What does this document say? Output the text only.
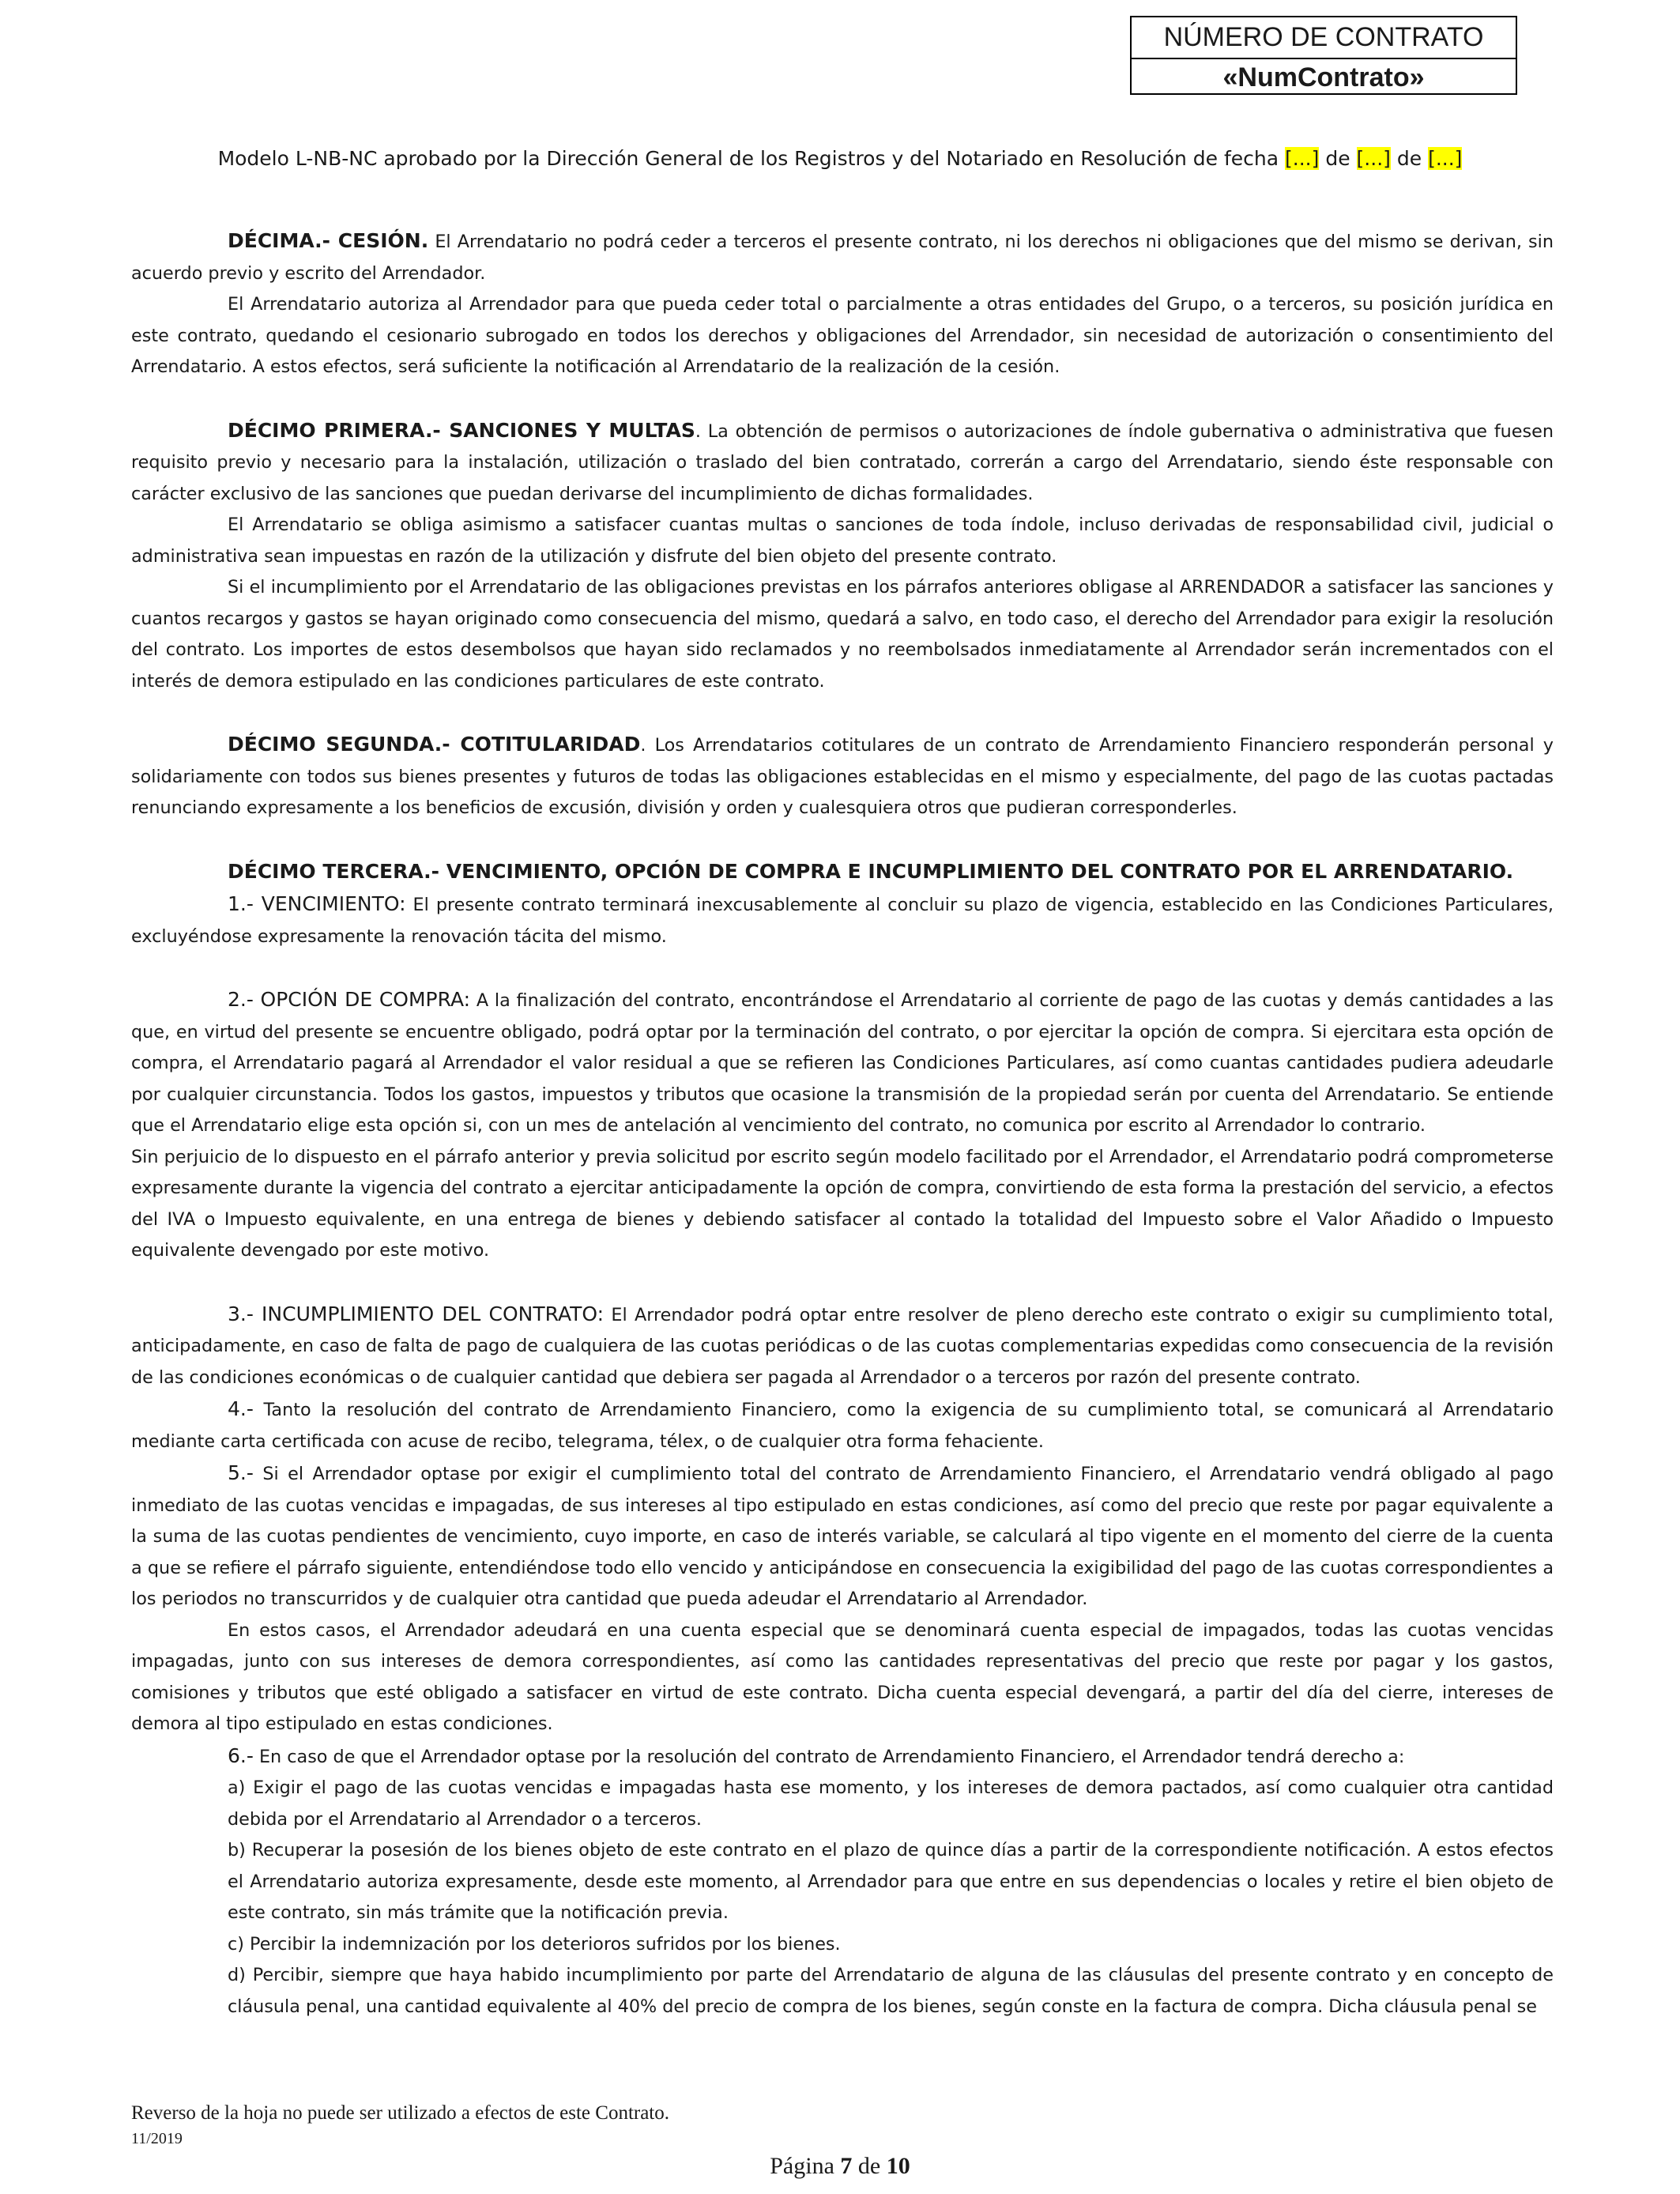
NÚMERO DE CONTRATO
«NumContrato»
Modelo L-NB-NC aprobado por la Dirección General de los Registros y del Notariado en Resolución de fecha [...] de [...] de [...]

DÉCIMA.- CESIÓN. El Arrendatario no podrá ceder a terceros el presente contrato, ni los derechos ni obligaciones que del mismo se derivan, sin acuerdo previo y escrito del Arrendador.

El Arrendatario autoriza al Arrendador para que pueda ceder total o parcialmente a otras entidades del Grupo, o a terceros, su posición jurídica en este contrato, quedando el cesionario subrogado en todos los derechos y obligaciones del Arrendador, sin necesidad de autorización o consentimiento del Arrendatario. A estos efectos, será suficiente la notificación al Arrendatario de la realización de la cesión.

DÉCIMO PRIMERA.- SANCIONES Y MULTAS. La obtención de permisos o autorizaciones de índole gubernativa o administrativa que fuesen requisito previo y necesario para la instalación, utilización o traslado del bien contratado, correrán a cargo del Arrendatario, siendo éste responsable con carácter exclusivo de las sanciones que puedan derivarse del incumplimiento de dichas formalidades.

El Arrendatario se obliga asimismo a satisfacer cuantas multas o sanciones de toda índole, incluso derivadas de responsabilidad civil, judicial o administrativa sean impuestas en razón de la utilización y disfrute del bien objeto del presente contrato.

Si el incumplimiento por el Arrendatario de las obligaciones previstas en los párrafos anteriores obligase al ARRENDADOR a satisfacer las sanciones y cuantos recargos y gastos se hayan originado como consecuencia del mismo, quedará a salvo, en todo caso, el derecho del Arrendador para exigir la resolución del contrato. Los importes de estos desembolsos que hayan sido reclamados y no reembolsados inmediatamente al Arrendador serán incrementados con el interés de demora estipulado en las condiciones particulares de este contrato.

DÉCIMO SEGUNDA.- COTITULARIDAD. Los Arrendatarios cotitulares de un contrato de Arrendamiento Financiero responderán personal y solidariamente con todos sus bienes presentes y futuros de todas las obligaciones establecidas en el mismo y especialmente, del pago de las cuotas pactadas renunciando expresamente a los beneficios de excusión, división y orden y cualesquiera otros que pudieran corresponderles.

DÉCIMO TERCERA.- VENCIMIENTO, OPCIÓN DE COMPRA E INCUMPLIMIENTO DEL CONTRATO POR EL ARRENDATARIO.

1.- VENCIMIENTO: El presente contrato terminará inexcusablemente al concluir su plazo de vigencia, establecido en las Condiciones Particulares, excluyéndose expresamente la renovación tácita del mismo.

2.- OPCIÓN DE COMPRA: A la finalización del contrato, encontrándose el Arrendatario al corriente de pago de las cuotas y demás cantidades a las que, en virtud del presente se encuentre obligado, podrá optar por la terminación del contrato, o por ejercitar la opción de compra. Si ejercitara esta opción de compra, el Arrendatario pagará al Arrendador el valor residual a que se refieren las Condiciones Particulares, así como cuantas cantidades pudiera adeudarle por cualquier circunstancia. Todos los gastos, impuestos y tributos que ocasione la transmisión de la propiedad serán por cuenta del Arrendatario. Se entiende que el Arrendatario elige esta opción si, con un mes de antelación al vencimiento del contrato, no comunica por escrito al Arrendador lo contrario.

Sin perjuicio de lo dispuesto en el párrafo anterior y previa solicitud por escrito según modelo facilitado por el Arrendador, el Arrendatario podrá comprometerse expresamente durante la vigencia del contrato a ejercitar anticipadamente la opción de compra, convirtiendo de esta forma la prestación del servicio, a efectos del IVA o Impuesto equivalente, en una entrega de bienes y debiendo satisfacer al contado la totalidad del Impuesto sobre el Valor Añadido o Impuesto equivalente devengado por este motivo.

3.- INCUMPLIMIENTO DEL CONTRATO: El Arrendador podrá optar entre resolver de pleno derecho este contrato o exigir su cumplimiento total, anticipadamente, en caso de falta de pago de cualquiera de las cuotas periódicas o de las cuotas complementarias expedidas como consecuencia de la revisión de las condiciones económicas o de cualquier cantidad que debiera ser pagada al Arrendador o a terceros por razón del presente contrato.

4.- Tanto la resolución del contrato de Arrendamiento Financiero, como la exigencia de su cumplimiento total, se comunicará al Arrendatario mediante carta certificada con acuse de recibo, telegrama, télex, o de cualquier otra forma fehaciente.

5.- Si el Arrendador optase por exigir el cumplimiento total del contrato de Arrendamiento Financiero, el Arrendatario vendrá obligado al pago inmediato de las cuotas vencidas e impagadas, de sus intereses al tipo estipulado en estas condiciones, así como del precio que reste por pagar equivalente a la suma de las cuotas pendientes de vencimiento, cuyo importe, en caso de interés variable, se calculará al tipo vigente en el momento del cierre de la cuenta a que se refiere el párrafo siguiente, entendiéndose todo ello vencido y anticipándose en consecuencia la exigibilidad del pago de las cuotas correspondientes a los periodos no transcurridos y de cualquier otra cantidad que pueda adeudar el Arrendatario al Arrendador.

En estos casos, el Arrendador adeudará en una cuenta especial que se denominará cuenta especial de impagados, todas las cuotas vencidas impagadas, junto con sus intereses de demora correspondientes, así como las cantidades representativas del precio que reste por pagar y los gastos, comisiones y tributos que esté obligado a satisfacer en virtud de este contrato. Dicha cuenta especial devengará, a partir del día del cierre, intereses de demora al tipo estipulado en estas condiciones.

6.- En caso de que el Arrendador optase por la resolución del contrato de Arrendamiento Financiero, el Arrendador tendrá derecho a:

a) Exigir el pago de las cuotas vencidas e impagadas hasta ese momento, y los intereses de demora pactados, así como cualquier otra cantidad debida por el Arrendatario al Arrendador o a terceros.

b) Recuperar la posesión de los bienes objeto de este contrato en el plazo de quince días a partir de la correspondiente notificación. A estos efectos el Arrendatario autoriza expresamente, desde este momento, al Arrendador para que entre en sus dependencias o locales y retire el bien objeto de este contrato, sin más trámite que la notificación previa.

c) Percibir la indemnización por los deterioros sufridos por los bienes.

d) Percibir, siempre que haya habido incumplimiento por parte del Arrendatario de alguna de las cláusulas del presente contrato y en concepto de cláusula penal, una cantidad equivalente al 40% del precio de compra de los bienes, según conste en la factura de compra. Dicha cláusula penal se

Reverso de la hoja no puede ser utilizado a efectos de este Contrato.
11/2019
Página 7 de 10
